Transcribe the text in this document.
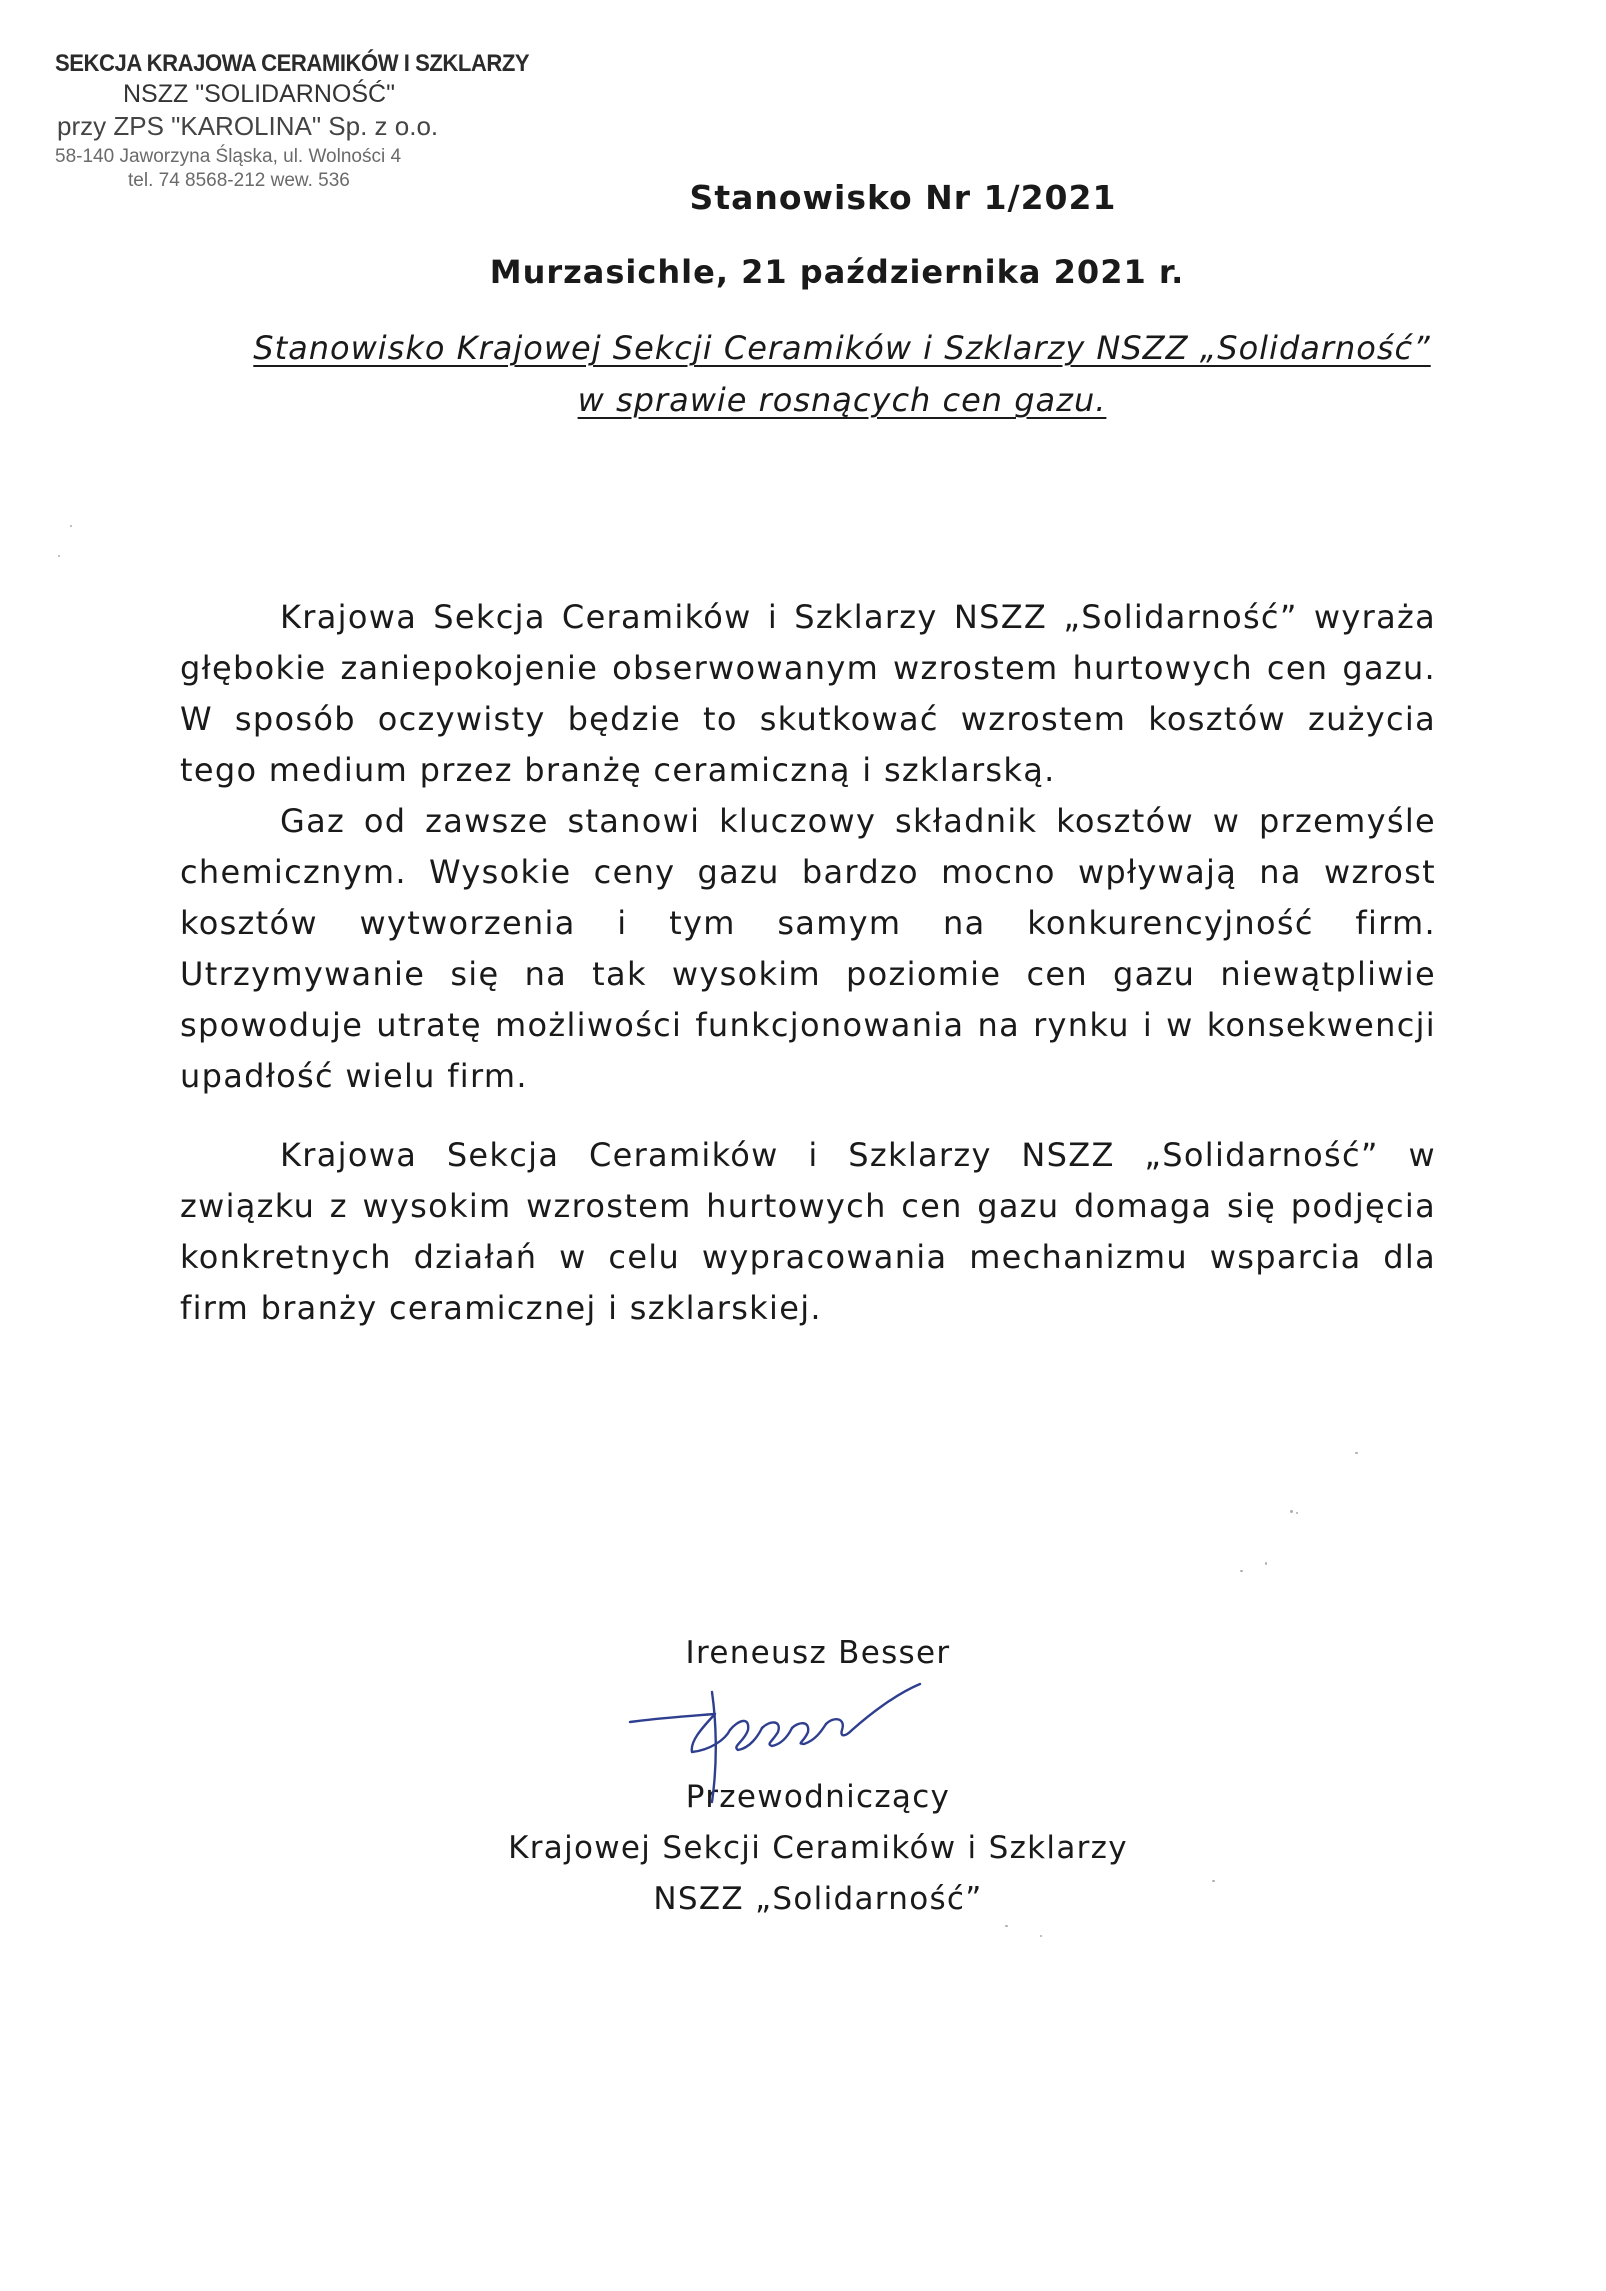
SEKCJA KRAJOWA CERAMIKÓW I SZKLARZY
NSZZ "SOLIDARNOŚĆ"
przy ZPS "KAROLINA" Sp. z o.o.
58-140 Jaworzyna Śląska, ul. Wolności 4
tel. 74 8568-212 wew. 536	Stanowisko Nr 1/2021
Murzasichle, 21 października 2021 r.
Stanowisko Krajowej Sekcji Ceramików i Szklarzy NSZZ „Solidarność”
w sprawie rosnących cen gazu.

Krajowa Sekcja Ceramików i Szklarzy NSZZ „Solidarność” wyraża głębokie zaniepokojenie obserwowanym wzrostem hurtowych cen gazu. W sposób oczywisty będzie to skutkować wzrostem kosztów zużycia tego medium przez branżę ceramiczną i szklarską.

Gaz od zawsze stanowi kluczowy składnik kosztów w przemyśle chemicznym. Wysokie ceny gazu bardzo mocno wpływają na wzrost kosztów wytworzenia i tym samym na konkurencyjność firm. Utrzymywanie się na tak wysokim poziomie cen gazu niewątpliwie spowoduje utratę możliwości funkcjonowania na rynku i w konsekwencji upadłość wielu firm.

Krajowa Sekcja Ceramików i Szklarzy NSZZ „Solidarność” w związku z wysokim wzrostem hurtowych cen gazu domaga się podjęcia konkretnych działań w celu wypracowania mechanizmu wsparcia dla firm branży ceramicznej i szklarskiej.

Ireneusz Besser
Przewodniczący
Krajowej Sekcji Ceramików i Szklarzy
NSZZ „Solidarność”
